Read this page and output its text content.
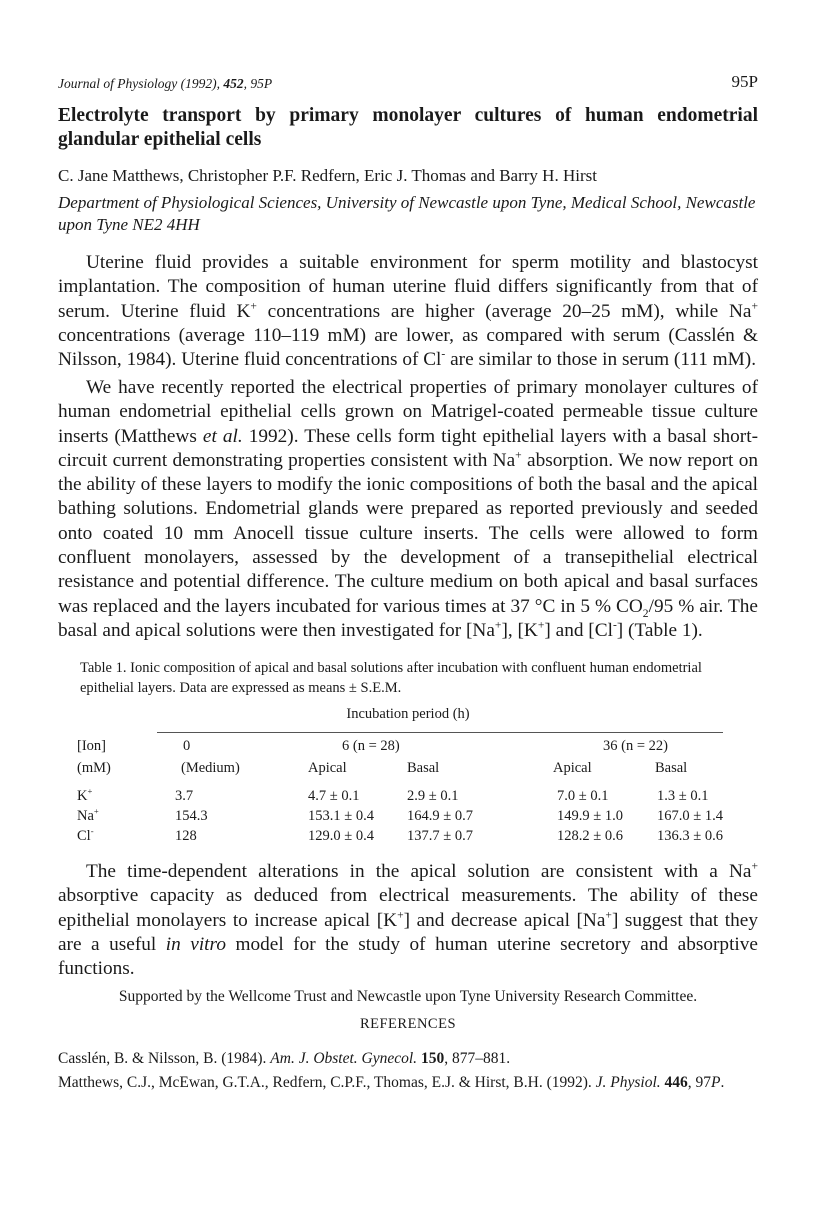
Journal of Physiology (1992), 452, 95P	95P
Electrolyte transport by primary monolayer cultures of human endometrial glandular epithelial cells
C. Jane Matthews, Christopher P.F. Redfern, Eric J. Thomas and Barry H. Hirst
Department of Physiological Sciences, University of Newcastle upon Tyne, Medical School, Newcastle upon Tyne NE2 4HH

Uterine fluid provides a suitable environment for sperm motility and blastocyst implantation. The composition of human uterine fluid differs significantly from that of serum. Uterine fluid K+ concentrations are higher (average 20–25 mM), while Na+ concentrations (average 110–119 mM) are lower, as compared with serum (Casslén & Nilsson, 1984). Uterine fluid concentrations of Cl- are similar to those in serum (111 mM).

We have recently reported the electrical properties of primary monolayer cultures of human endometrial epithelial cells grown on Matrigel-coated permeable tissue culture inserts (Matthews et al. 1992). These cells form tight epithelial layers with a basal short-circuit current demonstrating properties consistent with Na+ absorption. We now report on the ability of these layers to modify the ionic compositions of both the basal and the apical bathing solutions. Endometrial glands were prepared as reported previously and seeded onto coated 10 mm Anocell tissue culture inserts. The cells were allowed to form confluent monolayers, assessed by the development of a transepithelial electrical resistance and potential difference. The culture medium on both apical and basal surfaces was replaced and the layers incubated for various times at 37 °C in 5 % $CO_2/95$ % air. The basal and apical solutions were then investigated for [Na+], [K+] and [Cl-] (Table 1).

Table 1. Ionic composition of apical and basal solutions after incubation with confluent human endometrial epithelial layers. Data are expressed as means ± S.E.M.
Incubation period (h)
[Ion]	0	6 (n = 28)	36 (n = 22)
(mM)	(Medium)	Apical	Basal	Apical	Basal
K+	3.7	4.7 ± 0.1	2.9 ± 0.1	7.0 ± 0.1	1.3 ± 0.1
Na+	154.3	153.1 ± 0.4 164.9 ± 0.7	149.9 ± 1.0 167.0 ± 1.4
Cl-	128	129.0 ± 0.4 137.7 ± 0.7	128.2 ± 0.6 136.3 ± 0.6

The time-dependent alterations in the apical solution are consistent with a Na+ absorptive capacity as deduced from electrical measurements. The ability of these epithelial monolayers to increase apical [K+] and decrease apical [Na+] suggest that they are a useful in vitro model for the study of human uterine secretory and absorptive functions.

Supported by the Wellcome Trust and Newcastle upon Tyne University Research Committee.
REFERENCES
Casslén, B. & Nilsson, B. (1984). Am. J. Obstet. Gynecol. 150, 877–881.
Matthews, C.J., McEwan, G.T.A., Redfern, C.P.F., Thomas, E.J. & Hirst, B.H. (1992). J. Physiol. 446, 97P.
